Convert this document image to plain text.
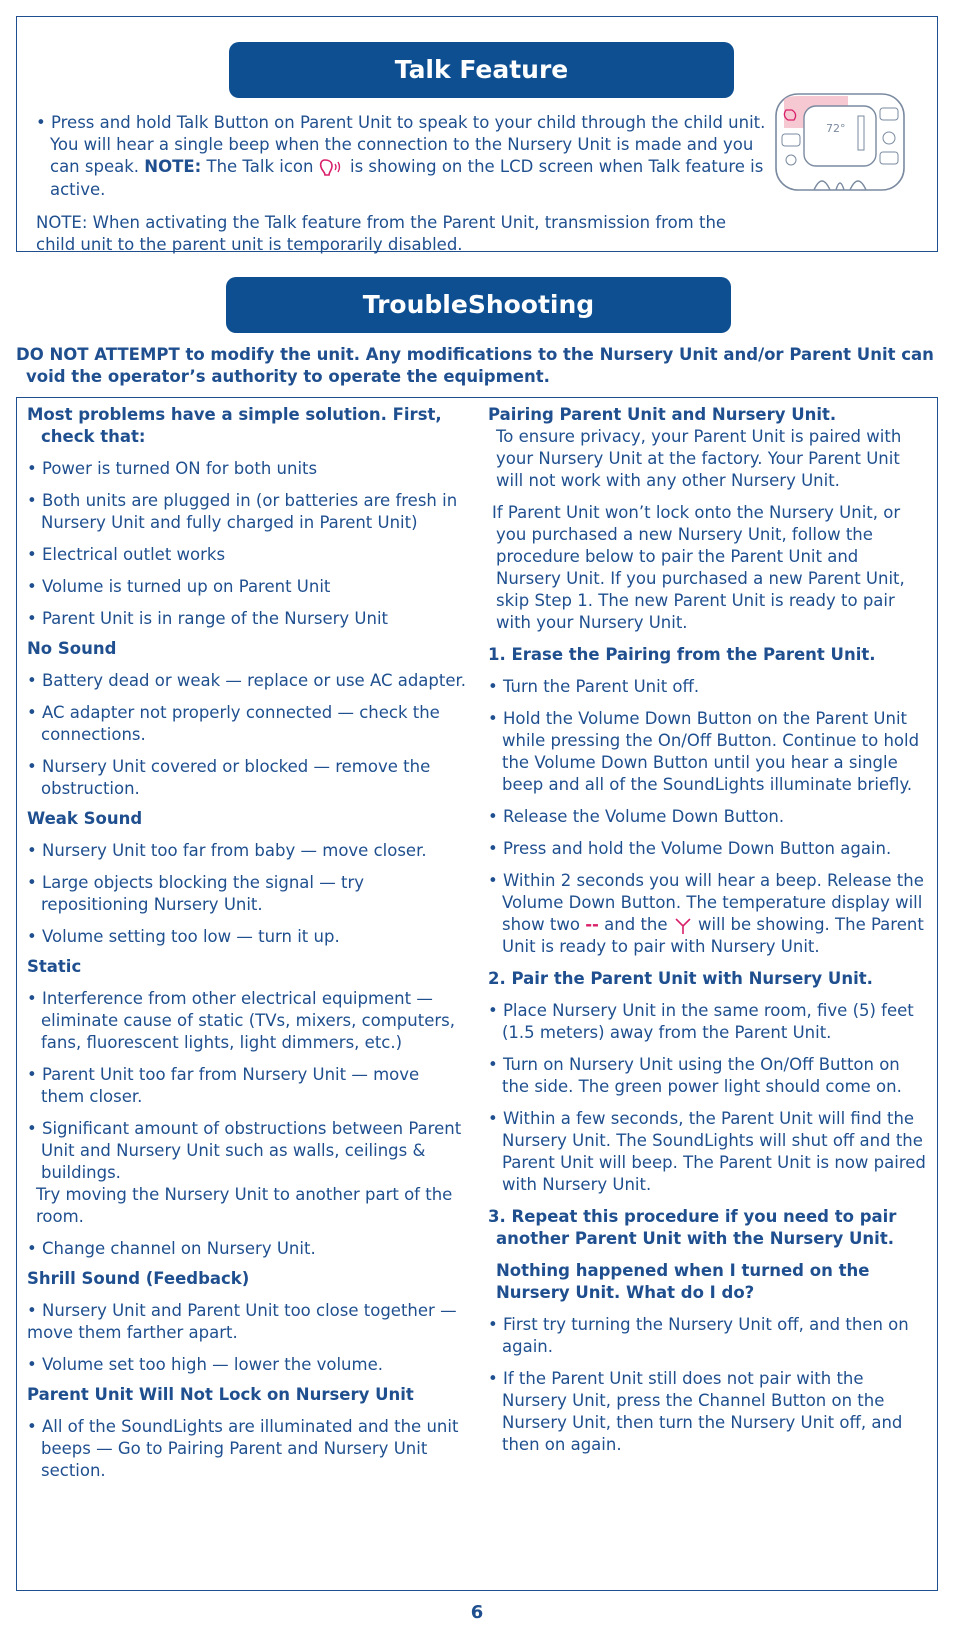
Talk Feature

• Press and hold Talk Button on Parent Unit to speak to your child through the child unit. You will hear a single beep when the connection to the Nursery Unit is made and you can speak. NOTE: The Talk icon is showing on the LCD screen when Talk feature is active.

NOTE: When activating the Talk feature from the Parent Unit, transmission from the child unit to the parent unit is temporarily disabled.

72°
TroubleShooting

DO NOT ATTEMPT to modify the unit. Any modifications to the Nursery Unit and/or Parent Unit can void the operator’s authority to operate the equipment.

Most problems have a simple solution. First, check that:

• Power is turned ON for both units

• Both units are plugged in (or batteries are fresh in Nursery Unit and fully charged in Parent Unit)

• Electrical outlet works

• Volume is turned up on Parent Unit

• Parent Unit is in range of the Nursery Unit

No Sound

• Battery dead or weak — replace or use AC adapter.

• AC adapter not properly connected — check the connections.

• Nursery Unit covered or blocked — remove the obstruction.

Weak Sound

• Nursery Unit too far from baby — move closer.

• Large objects blocking the signal — try repositioning Nursery Unit.

• Volume setting too low — turn it up.

Static

• Interference from other electrical equipment — eliminate cause of static (TVs, mixers, computers, fans, fluorescent lights, light dimmers, etc.)

• Parent Unit too far from Nursery Unit — move them closer.

• Significant amount of obstructions between Parent Unit and Nursery Unit such as walls, ceilings & buildings.

Try moving the Nursery Unit to another part of the room.

• Change channel on Nursery Unit.

Shrill Sound (Feedback)

• Nursery Unit and Parent Unit too close together — move them farther apart.

• Volume set too high — lower the volume.

Parent Unit Will Not Lock on Nursery Unit

• All of the SoundLights are illuminated and the unit beeps — Go to Pairing Parent and Nursery Unit section.

Pairing Parent Unit and Nursery Unit.

To ensure privacy, your Parent Unit is paired with your Nursery Unit at the factory. Your Parent Unit will not work with any other Nursery Unit.

If Parent Unit won’t lock onto the Nursery Unit, or you purchased a new Nursery Unit, follow the procedure below to pair the Parent Unit and Nursery Unit. If you purchased a new Parent Unit, skip Step 1. The new Parent Unit is ready to pair with your Nursery Unit.

1. Erase the Pairing from the Parent Unit.

• Turn the Parent Unit off.

• Hold the Volume Down Button on the Parent Unit while pressing the On/Off Button. Continue to hold the Volume Down Button until you hear a single beep and all of the SoundLights illuminate briefly.

• Release the Volume Down Button.

• Press and hold the Volume Down Button again.

• Within 2 seconds you will hear a beep. Release the Volume Down Button. The temperature display will show two -- and the will be showing. The Parent Unit is ready to pair with Nursery Unit.

2. Pair the Parent Unit with Nursery Unit.

• Place Nursery Unit in the same room, five (5) feet (1.5 meters) away from the Parent Unit.

• Turn on Nursery Unit using the On/Off Button on the side. The green power light should come on.

• Within a few seconds, the Parent Unit will find the Nursery Unit. The SoundLights will shut off and the Parent Unit will beep. The Parent Unit is now paired with Nursery Unit.

3. Repeat this procedure if you need to pair another Parent Unit with the Nursery Unit.

Nothing happened when I turned on the Nursery Unit. What do I do?

• First try turning the Nursery Unit off, and then on again.

• If the Parent Unit still does not pair with the Nursery Unit, press the Channel Button on the Nursery Unit, then turn the Nursery Unit off, and then on again.

6
